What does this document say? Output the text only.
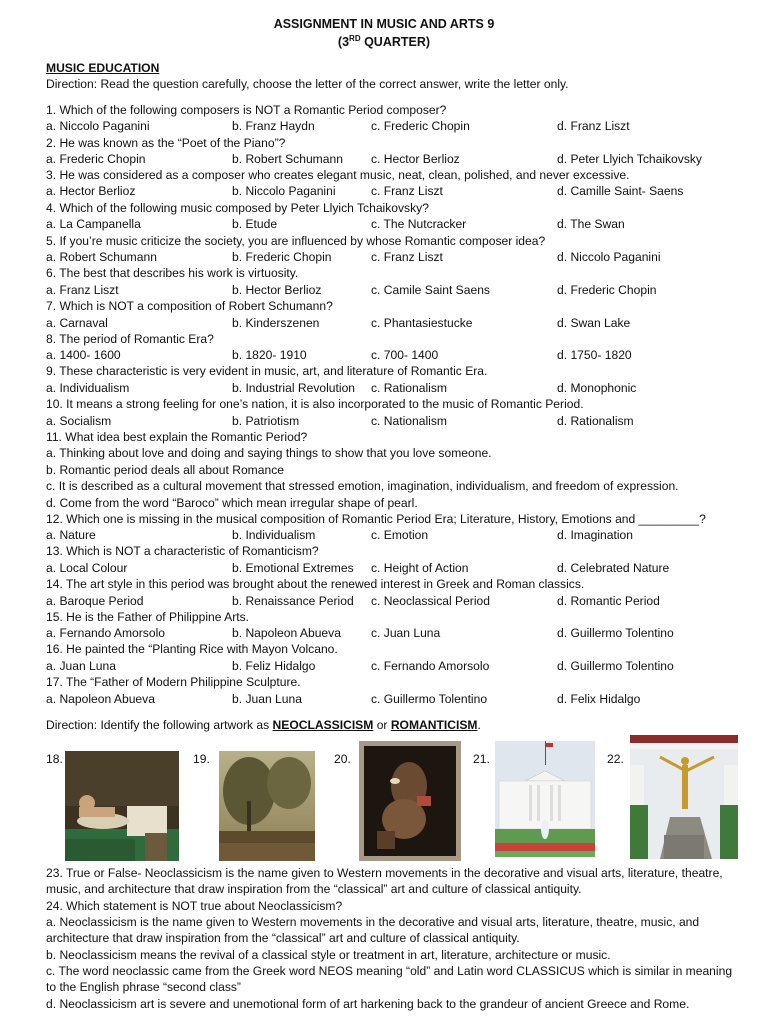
ASSIGNMENT IN MUSIC AND ARTS 9
(3RD QUARTER)
MUSIC EDUCATION
Direction: Read the question carefully, choose the letter of the correct answer, write the letter only.
1. Which of the following composers is NOT a Romantic Period composer?
a. Niccolo Paganini	b. Franz Haydn	c. Frederic Chopin	d. Franz Liszt
2. He was known as the “Poet of the Piano”?
a. Frederic Chopin	b. Robert Schumann c. Hector Berlioz	d. Peter Llyich Tchaikovsky
3. He was considered as a composer who creates elegant music, neat, clean, polished, and never excessive.
a. Hector Berlioz	b. Niccolo Paganini	c. Franz Liszt	d. Camille Saint- Saens
4. Which of the following music composed by Peter Llyich Tchaikovsky?
a. La Campanella	b. Etude	c. The Nutcracker	d. The Swan
5. If you’re music criticize the society, you are influenced by whose Romantic composer idea?
a. Robert Schumann	b. Frederic Chopin	c. Franz Liszt	d. Niccolo Paganini
6. The best that describes his work is virtuosity.
a. Franz Liszt	b. Hector Berlioz	c. Camile Saint Saens	d. Frederic Chopin
7. Which is NOT a composition of Robert Schumann?
a. Carnaval	b. Kinderszenen	c. Phantasiestucke	d. Swan Lake
8. The period of Romantic Era?
a. 1400- 1600	b. 1820- 1910	c. 700- 1400	d. 1750- 1820
9. These characteristic is very evident in music, art, and literature of Romantic Era.
a. Individualism	b. Industrial Revolution c. Rationalism	d. Monophonic
10. It means a strong feeling for one’s nation, it is also incorporated to the music of Romantic Period.
a. Socialism	b. Patriotism	c. Nationalism	d. Rationalism
11. What idea best explain the Romantic Period?
a. Thinking about love and doing and saying things to show that you love someone.
b. Romantic period deals all about Romance
c. It is described as a cultural movement that stressed emotion, imagination, individualism, and freedom of expression.
d. Come from the word “Baroco” which mean irregular shape of pearl.
12. Which one is missing in the musical composition of Romantic Period Era; Literature, History, Emotions and _________?
a. Nature	b. Individualism	c. Emotion	d. Imagination
13. Which is NOT a characteristic of Romanticism?
a. Local Colour	b. Emotional Extremes c. Height of Action	d. Celebrated Nature
14. The art style in this period was brought about the renewed interest in Greek and Roman classics.
a. Baroque Period	b. Renaissance Period c. Neoclassical Period	d. Romantic Period
15. He is the Father of Philippine Arts.
a. Fernando Amorsolo	b. Napoleon Abueva c. Juan Luna	d. Guillermo Tolentino
16. He painted the “Planting Rice with Mayon Volcano.
a. Juan Luna	b. Feliz Hidalgo	c. Fernando Amorsolo	d. Guillermo Tolentino
17. The “Father of Modern Philippine Sculpture.
a. Napoleon Abueva	b. Juan Luna	c. Guillermo Tolentino	d. Felix Hidalgo
Direction: Identify the following artwork as NEOCLASSICISM or ROMANTICISM.
18.	19.	20.	21.	22.
23. True or False- Neoclassicism is the name given to Western movements in the decorative and visual arts, literature, theatre, music, and architecture that draw inspiration from the “classical” art and culture of classical antiquity.
24. Which statement is NOT true about Neoclassicism?
a. Neoclassicism is the name given to Western movements in the decorative and visual arts, literature, theatre, music, and architecture that draw inspiration from the “classical” art and culture of classical antiquity.
b. Neoclassicism means the revival of a classical style or treatment in art, literature, architecture or music.
c. The word neoclassic came from the Greek word NEOS meaning “old” and Latin word CLASSICUS which is similar in meaning to the English phrase “second class”
d. Neoclassicism art is severe and unemotional form of art harkening back to the grandeur of ancient Greece and Rome.
